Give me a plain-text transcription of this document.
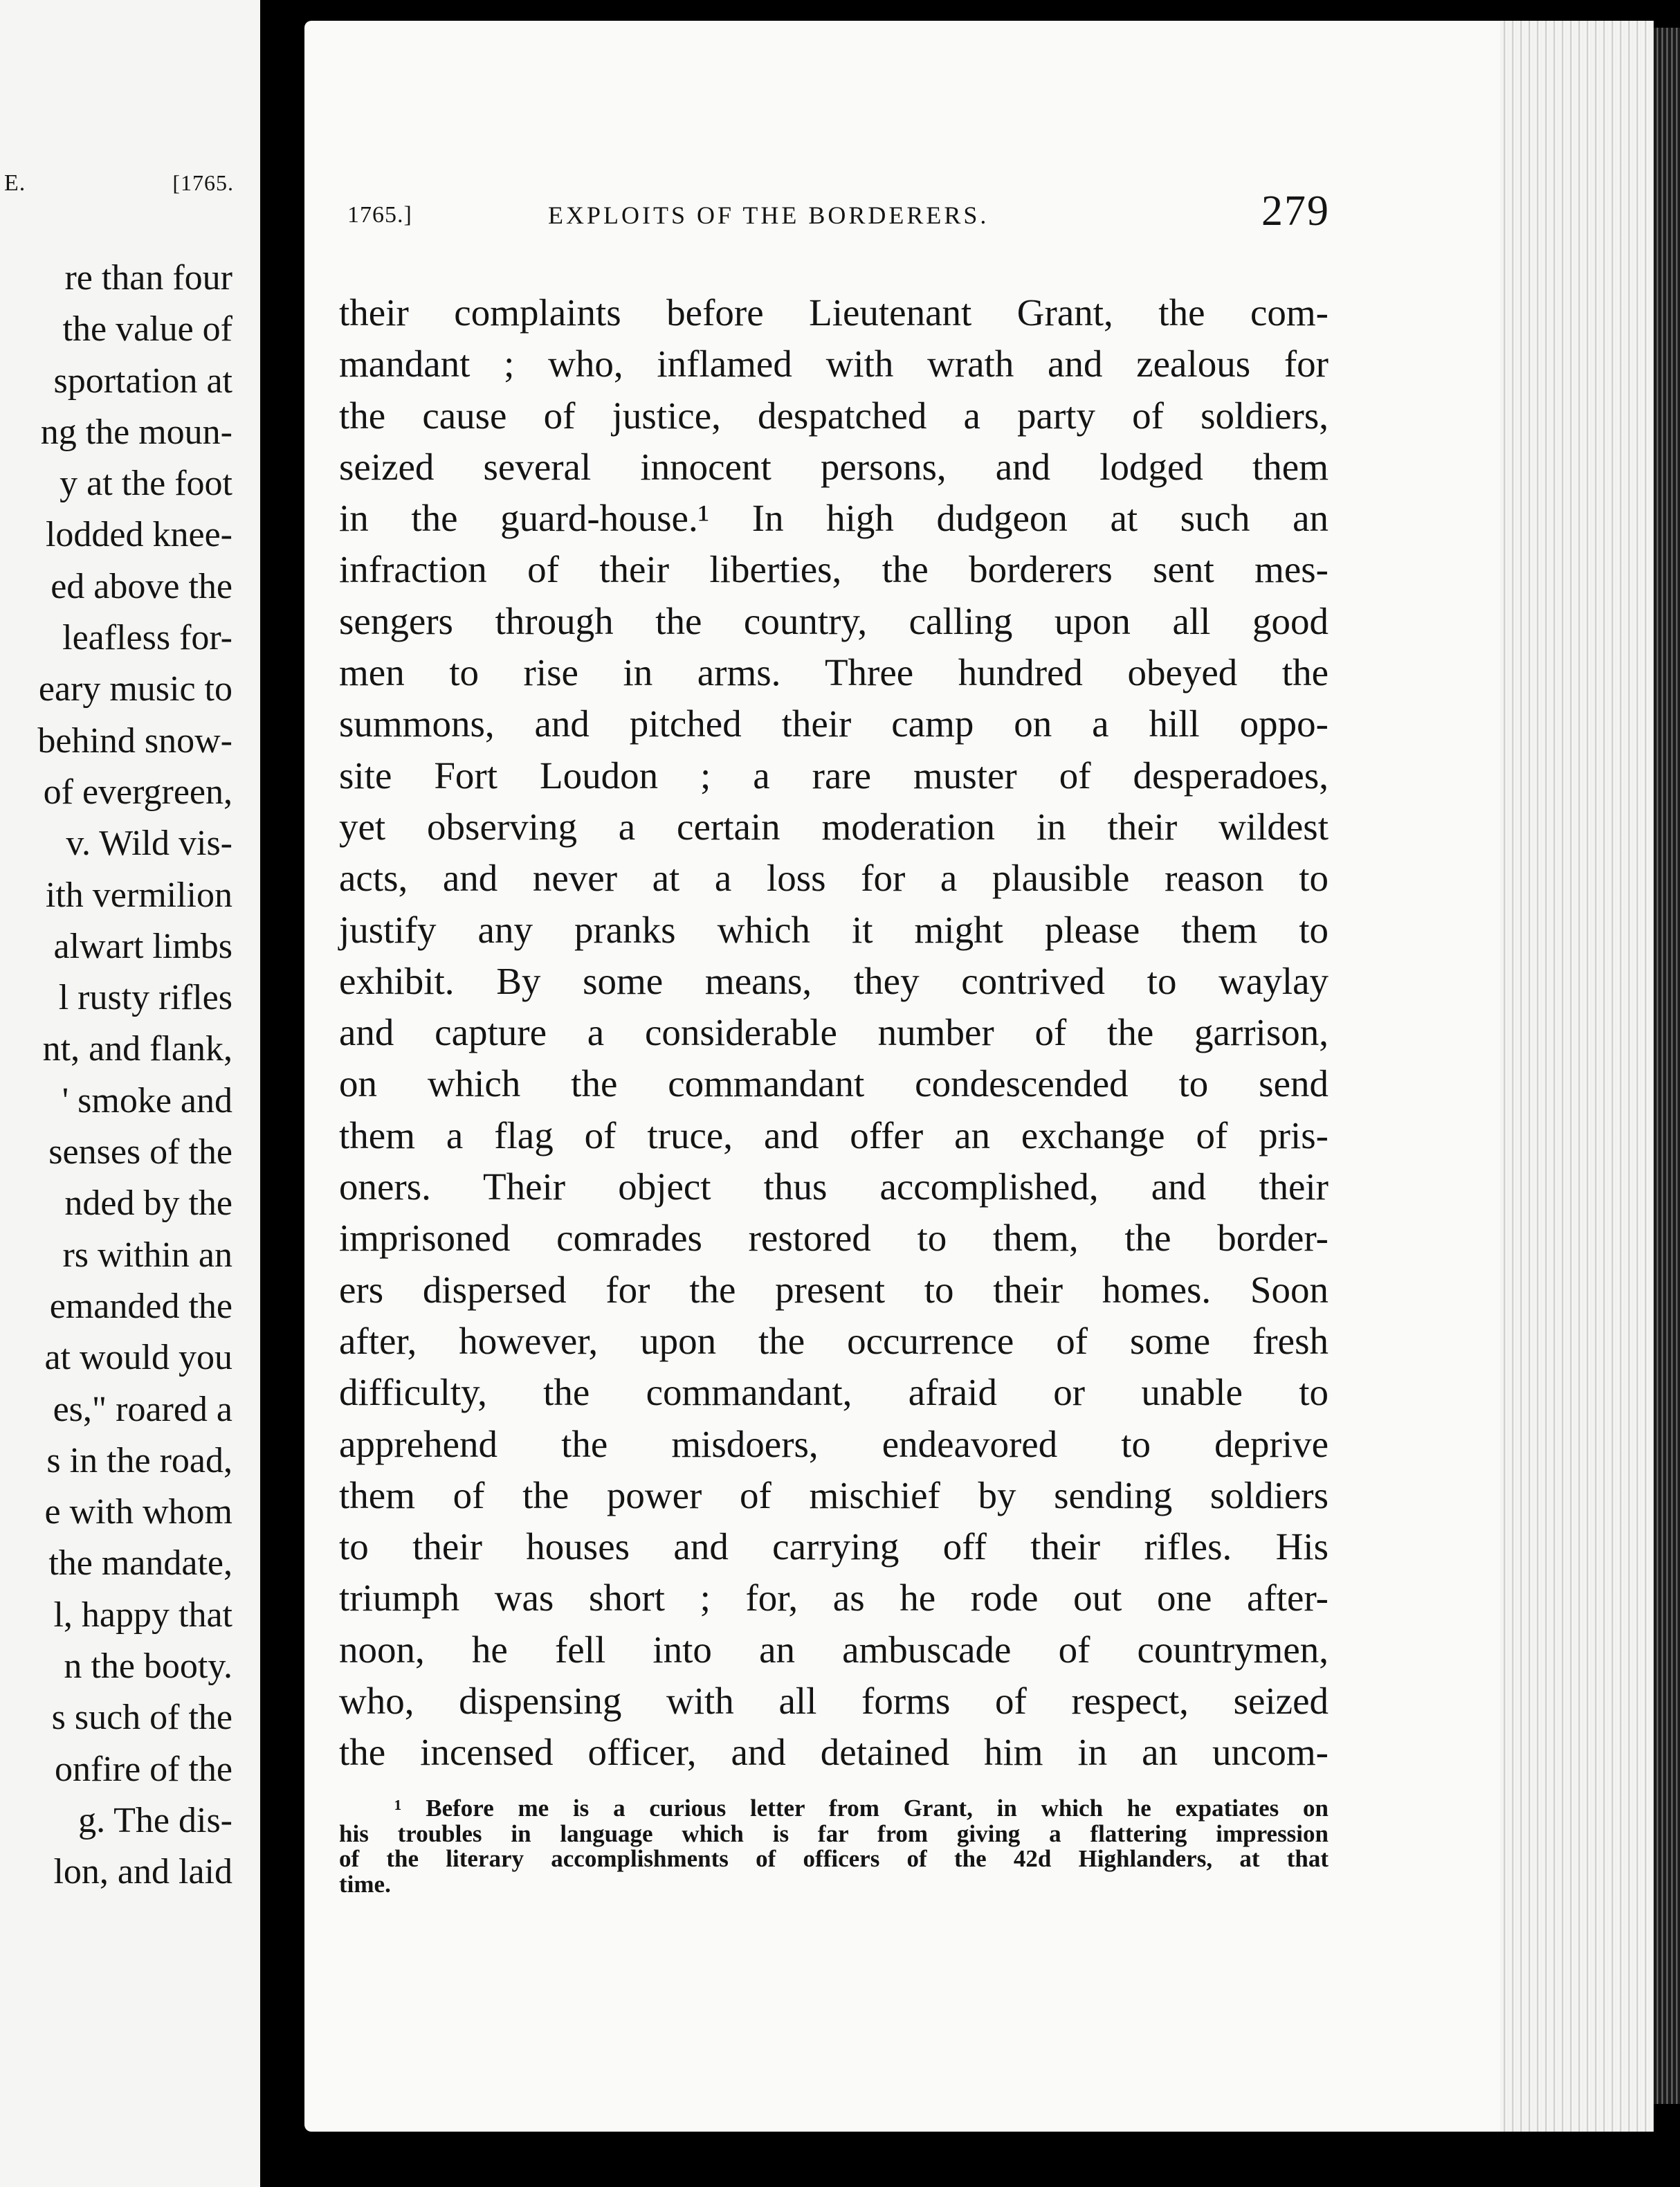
E.	[1765.
re than four
the value of
sportation at
ng the moun-
y at the foot
lodded knee-
ed above the
leafless for-
eary music to
behind snow-
of evergreen,
v. Wild vis-
ith vermilion
alwart limbs
l rusty rifles
nt, and flank,
' smoke and
senses of the
nded by the
rs within an
emanded the
at would you
es," roared a
s in the road,
e with whom
the mandate,
l, happy that
n the booty.
s such of the
onfire of the
g. The dis-
lon, and laid
1765.]	EXPLOITS OF THE BORDERERS.	279
their complaints before Lieutenant Grant, the com-
mandant ; who, inflamed with wrath and zealous for
the cause of justice, despatched a party of soldiers,
seized several innocent persons, and lodged them
in the guard-house.¹ In high dudgeon at such an
infraction of their liberties, the borderers sent mes-
sengers through the country, calling upon all good
men to rise in arms. Three hundred obeyed the
summons, and pitched their camp on a hill oppo-
site Fort Loudon ; a rare muster of desperadoes,
yet observing a certain moderation in their wildest
acts, and never at a loss for a plausible reason to
justify any pranks which it might please them to
exhibit. By some means, they contrived to waylay
and capture a considerable number of the garrison,
on which the commandant condescended to send
them a flag of truce, and offer an exchange of pris-
oners. Their object thus accomplished, and their
imprisoned comrades restored to them, the border-
ers dispersed for the present to their homes. Soon
after, however, upon the occurrence of some fresh
difficulty, the commandant, afraid or unable to
apprehend the misdoers, endeavored to deprive
them of the power of mischief by sending soldiers
to their houses and carrying off their rifles. His
triumph was short ; for, as he rode out one after-
noon, he fell into an ambuscade of countrymen,
who, dispensing with all forms of respect, seized
the incensed officer, and detained him in an uncom-
¹ Before me is a curious letter from Grant, in which he expatiates on
his troubles in language which is far from giving a flattering impression
of the literary accomplishments of officers of the 42d Highlanders, at that
time.
